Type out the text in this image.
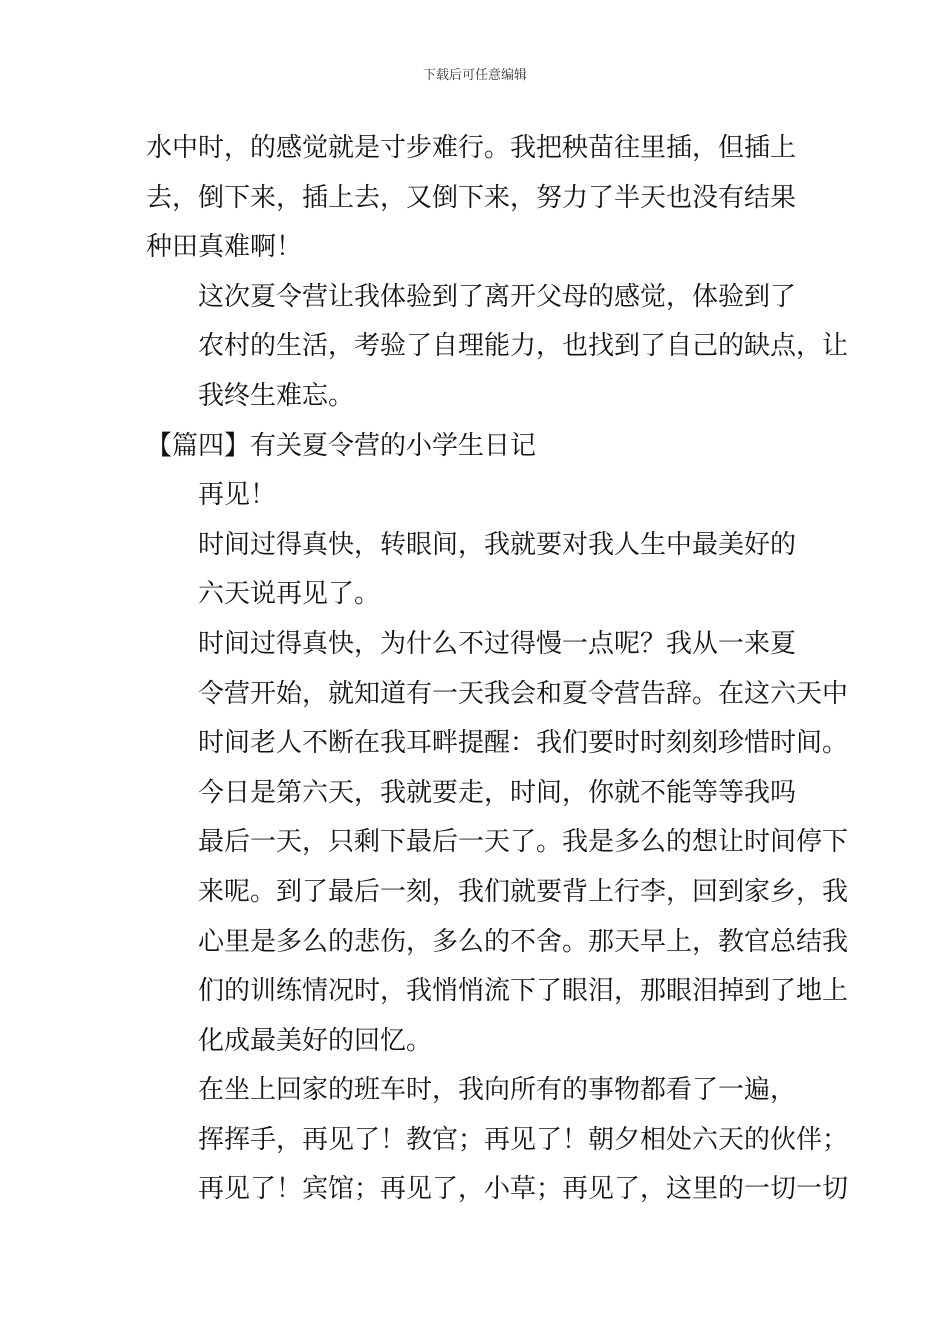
下载后可任意编辑

水中时，的感觉就是寸步难行。我把秧苗往里插，但插上
去，倒下来，插上去，又倒下来，努力了半天也没有结果
种田真难啊！

这次夏令营让我体验到了离开父母的感觉，体验到了
农村的生活，考验了自理能力，也找到了自己的缺点，让
我终生难忘。

【篇四】有关夏令营的小学生日记

再见！

时间过得真快，转眼间，我就要对我人生中最美好的
六天说再见了。

时间过得真快，为什么不过得慢一点呢？我从一来夏
令营开始，就知道有一天我会和夏令营告辞。在这六天中
时间老人不断在我耳畔提醒：我们要时时刻刻珍惜时间。

今日是第六天，我就要走，时间，你就不能等等我吗
最后一天，只剩下最后一天了。我是多么的想让时间停下
来呢。到了最后一刻，我们就要背上行李，回到家乡，我
心里是多么的悲伤，多么的不舍。那天早上，教官总结我
们的训练情况时，我悄悄流下了眼泪，那眼泪掉到了地上
化成最美好的回忆。

在坐上回家的班车时，我向所有的事物都看了一遍，
挥挥手，再见了！教官；再见了！朝夕相处六天的伙伴；
再见了！宾馆；再见了，小草；再见了，这里的一切一切
